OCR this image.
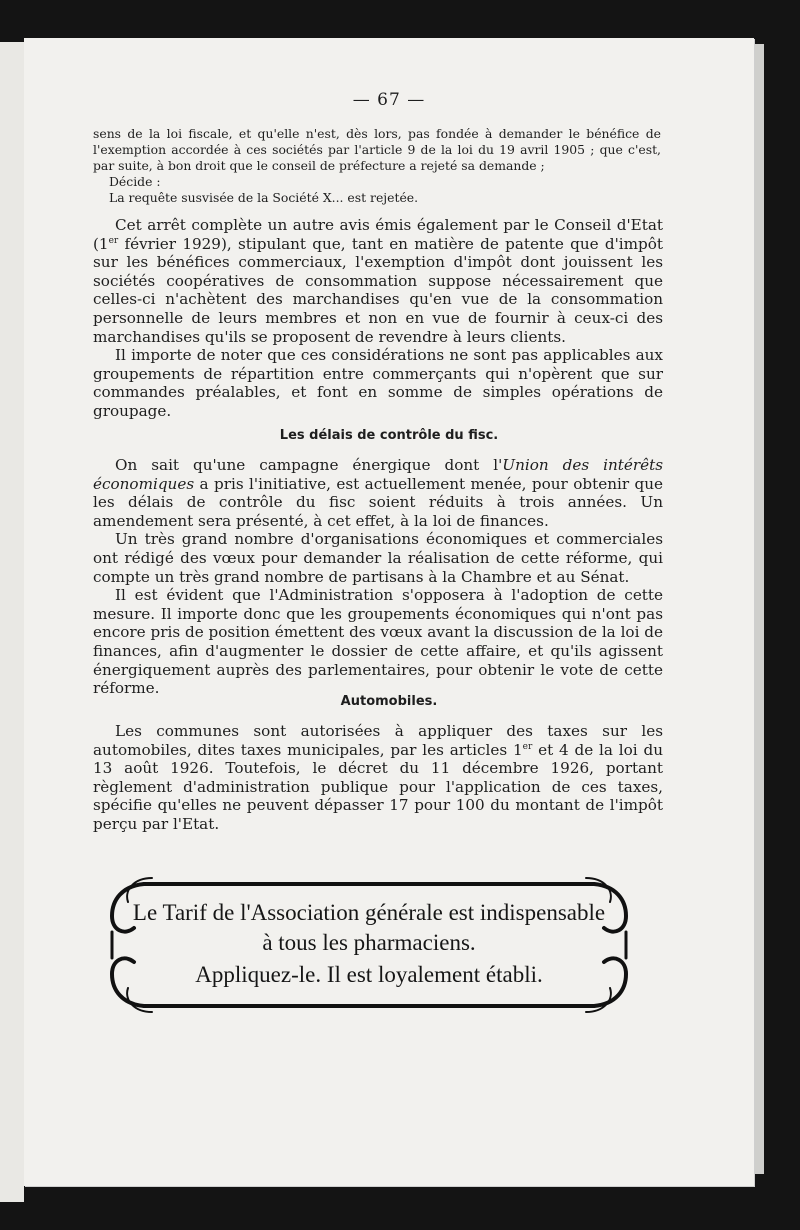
— 67 —

sens de la loi fiscale, et qu'elle n'est, dès lors, pas fondée à demander le bénéfice de l'exemption accordée à ces sociétés par l'article 9 de la loi du 19 avril 1905 ; que c'est, par suite, à bon droit que le conseil de préfecture a rejeté sa demande ;

Décide :

La requête susvisée de la Société X... est rejetée.

Cet arrêt complète un autre avis émis également par le Conseil d'Etat (1er février 1929), stipulant que, tant en matière de patente que d'impôt sur les bénéfices commerciaux, l'exemption d'impôt dont jouissent les sociétés coopératives de consommation suppose nécessairement que celles-ci n'achètent des marchandises qu'en vue de la consommation personnelle de leurs membres et non en vue de fournir à ceux-ci des marchandises qu'ils se proposent de revendre à leurs clients.

Il importe de noter que ces considérations ne sont pas applicables aux groupements de répartition entre commerçants qui n'opèrent que sur commandes préalables, et font en somme de simples opérations de groupage.

Les délais de contrôle du fisc.

On sait qu'une campagne énergique dont l'Union des intérêts économiques a pris l'initiative, est actuellement menée, pour obtenir que les délais de contrôle du fisc soient réduits à trois années. Un amendement sera présenté, à cet effet, à la loi de finances.

Un très grand nombre d'organisations économiques et commerciales ont rédigé des vœux pour demander la réalisation de cette réforme, qui compte un très grand nombre de partisans à la Chambre et au Sénat.

Il est évident que l'Administration s'opposera à l'adoption de cette mesure. Il importe donc que les groupements économiques qui n'ont pas encore pris de position émettent des vœux avant la discussion de la loi de finances, afin d'augmenter le dossier de cette affaire, et qu'ils agissent énergiquement auprès des parlementaires, pour obtenir le vote de cette réforme.

Automobiles.

Les communes sont autorisées à appliquer des taxes sur les automobiles, dites taxes municipales, par les articles 1er et 4 de la loi du 13 août 1926. Toutefois, le décret du 11 décembre 1926, portant règlement d'administration publique pour l'application de ces taxes, spécifie qu'elles ne peuvent dépasser 17 pour 100 du montant de l'impôt perçu par l'Etat.

Le Tarif de l'Association générale est indispensable
à tous les pharmaciens.
Appliquez-le. Il est loyalement établi.
